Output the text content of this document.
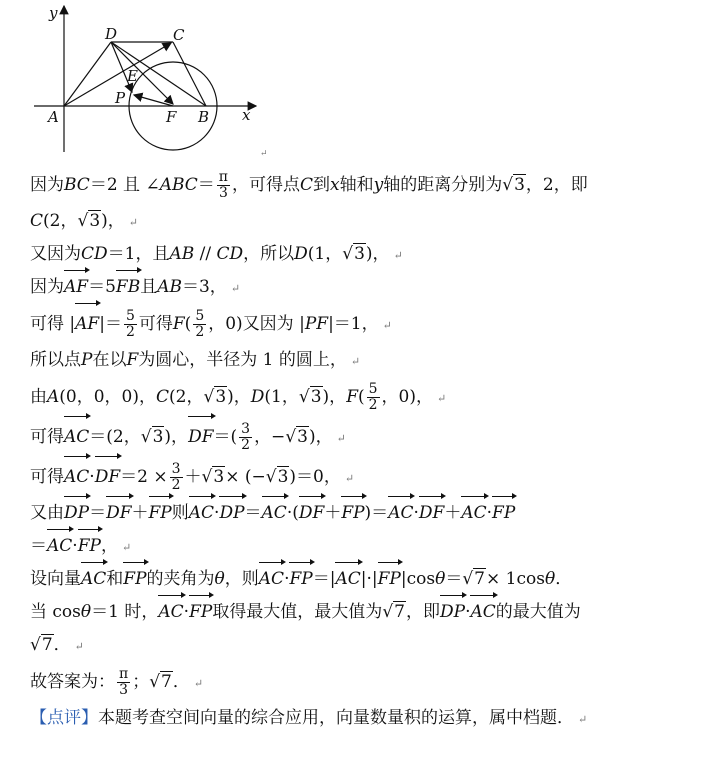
y
x
D	C
E
P
A	F B
↵
因为BC＝2 且 ∠ABC＝ $\frac{\pi}{3}$ ，可得点C到x轴和y轴的距离分别为√3，2，即
C(2，√3)， ↵
又因为CD＝1，且AB // CD，所以D(1，√3)， ↵
因为AF＝5FB且AB＝3， ↵
可得 $|AF|= \frac{5}{2}$ 可得$F( \frac{5}{2}$ ，0)又因为 |PF|＝1， ↵
所以点P在以F为圆心，半径为 1 的圆上， ↵
由A(0，0，0)，C(2，√3)，D(1，√3)，$F( \frac{5}{2}$ ，0)， ↵
可得AC＝(2，√3)，$DF=( \frac{3}{2}$ ，−√3)， ↵
可得$AC\cdot DF=2 \times \frac{3}{2} +√3\times (-√3)=0$， ↵
又由DP＝DF＋FP则AC·DP＝AC·(DF＋FP)＝AC·DF＋AC·FP
＝AC·FP， ↵
设向量AC和FP的夹角为θ，则AC·FP＝|AC|·|FP|cosθ＝√7× 1cosθ．
当 cosθ＝1 时，AC·FP取得最大值，最大值为√7，即DP·AC的最大值为
√7． ↵
故答案为： $\frac{\pi}{3}$ ；√7． ↵
【点评】本题考查空间向量的综合应用，向量数量积的运算，属中档题． ↵
